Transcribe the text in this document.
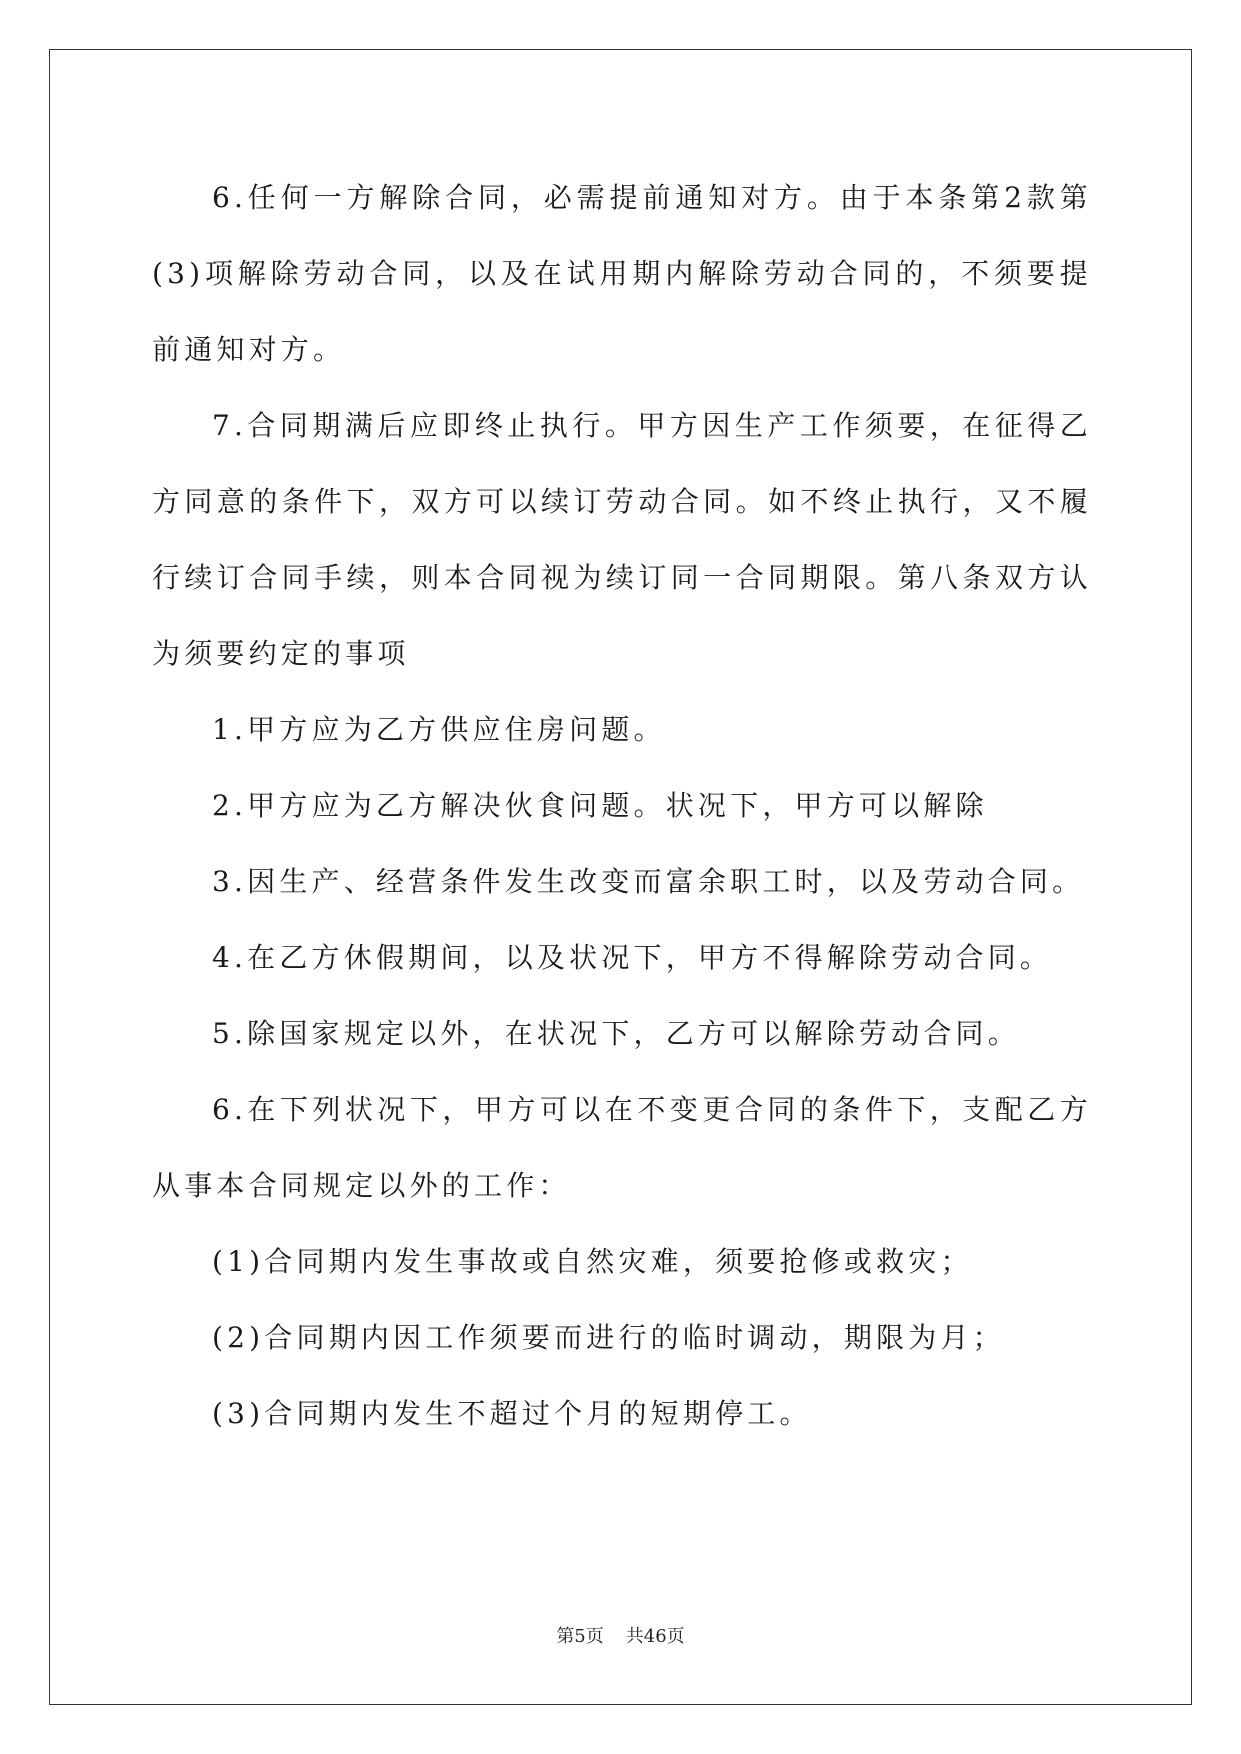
6.任何一方解除合同，必需提前通知对方。由于本条第2款第(3)项解除劳动合同，以及在试用期内解除劳动合同的，不须要提前通知对方。

7.合同期满后应即终止执行。甲方因生产工作须要，在征得乙方同意的条件下，双方可以续订劳动合同。如不终止执行，又不履行续订合同手续，则本合同视为续订同一合同期限。第八条双方认为须要约定的事项

1.甲方应为乙方供应住房问题。

2.甲方应为乙方解决伙食问题。状况下，甲方可以解除

3.因生产、经营条件发生改变而富余职工时，以及劳动合同。

4.在乙方休假期间，以及状况下，甲方不得解除劳动合同。

5.除国家规定以外，在状况下，乙方可以解除劳动合同。

6.在下列状况下，甲方可以在不变更合同的条件下，支配乙方从事本合同规定以外的工作：

(1)合同期内发生事故或自然灾难，须要抢修或救灾；

(2)合同期内因工作须要而进行的临时调动，期限为月；

(3)合同期内发生不超过个月的短期停工。

第5页 共46页
